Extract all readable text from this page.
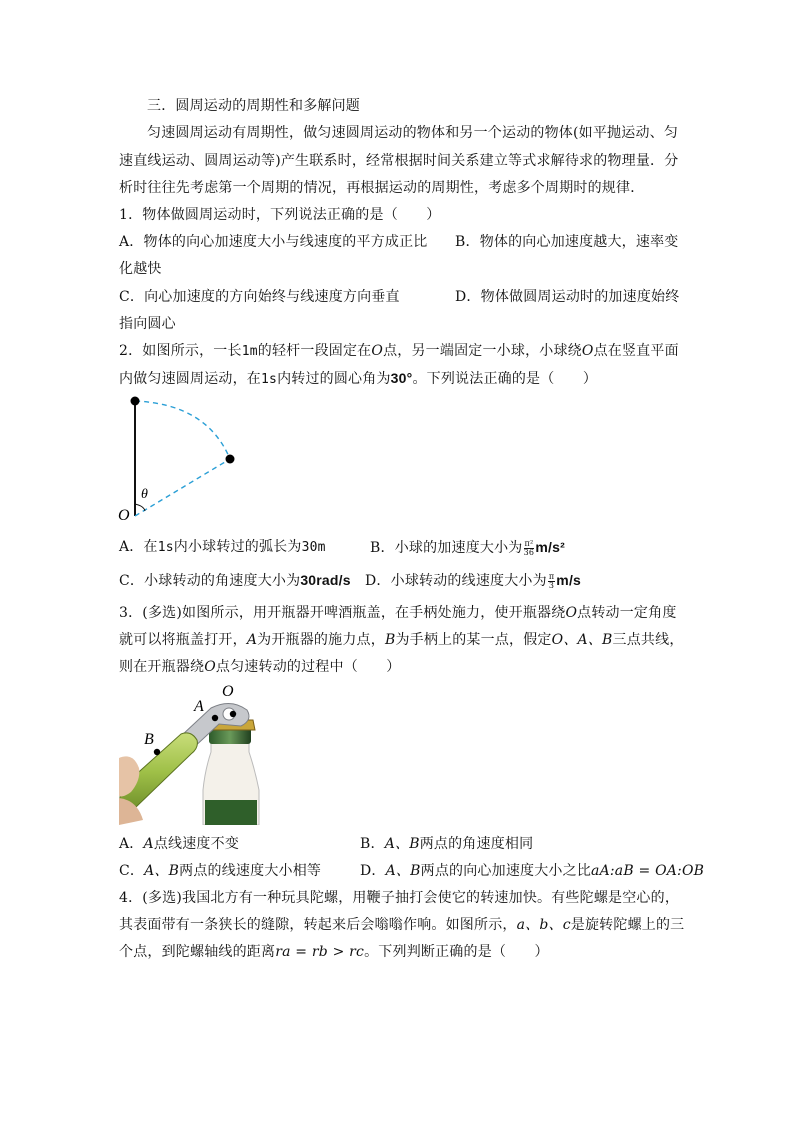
三．圆周运动的周期性和多解问题
匀速圆周运动有周期性，做匀速圆周运动的物体和另一个运动的物体(如平抛运动、匀
速直线运动、圆周运动等)产生联系时，经常根据时间关系建立等式求解待求的物理量．分
析时往往先考虑第一个周期的情况，再根据运动的周期性，考虑多个周期时的规律．
1．物体做圆周运动时，下列说法正确的是（　　）
A．物体的向心加速度大小与线速度的平方成正比 B．物体的向心加速度越大，速率变
化越快
C．向心加速度的方向始终与线速度方向垂直	D．物体做圆周运动时的加速度始终
指向圆心
2．如图所示，一长1m的轻杆一段固定在O点，另一端固定一小球，小球绕O点在竖直平面
内做匀速圆周运动，在1s内转过的圆心角为30°。下列说法正确的是（　　）
θ
O
A．在1s内小球转过的弧长为30m	B．小球的加速度大小为 $\frac{\text{π²}}{36} m/s^2$
C．小球转动的角速度大小为30rad/s D．小球转动的线速度大小为 $\frac{\pi}{3} m/s$
3．(多选)如图所示，用开瓶器开啤酒瓶盖，在手柄处施力，使开瓶器绕O点转动一定角度
就可以将瓶盖打开，A为开瓶器的施力点，B为手柄上的某一点，假定O、A、B三点共线，
则在开瓶器绕O点匀速转动的过程中（　　）
O
A
B
A．A点线速度不变	B．A、B两点的角速度相同
C．A、B两点的线速度大小相等	D．A、B两点的向心加速度大小之比aA:aB = OA:OB
4．(多选)我国北方有一种玩具陀螺，用鞭子抽打会使它的转速加快。有些陀螺是空心的，
其表面带有一条狭长的缝隙，转起来后会嗡嗡作响。如图所示，a、b、c是旋转陀螺上的三
个点，到陀螺轴线的距离ra = rb > rc。下列判断正确的是（　　）
